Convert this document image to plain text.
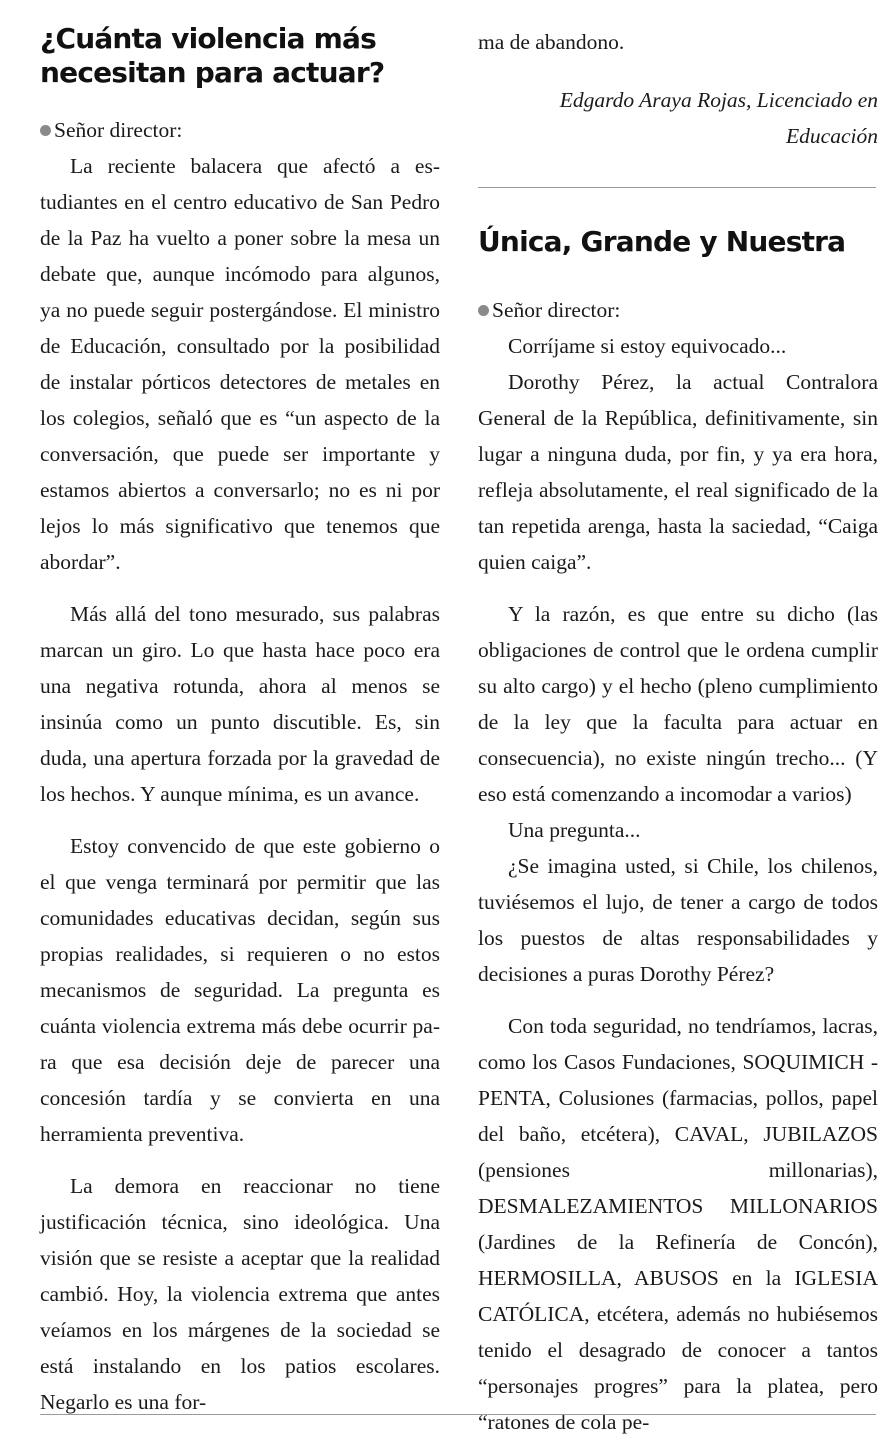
¿Cuánta violencia más necesitan para actuar?
Señor director:

La reciente balacera que afectó a estudiantes en el centro educativo de San Pedro de la Paz ha vuelto a poner sobre la mesa un debate que, aunque incómodo para algunos, ya no puede seguir postergándose. El ministro de Educación, consultado por la posibilidad de instalar pórticos detectores de metales en los colegios, señaló que es “un aspecto de la conversación, que puede ser importante y estamos abiertos a conversarlo; no es ni por lejos lo más significativo que tenemos que abordar”.

Más allá del tono mesurado, sus palabras marcan un giro. Lo que hasta hace poco era una negativa rotunda, ahora al menos se insinúa como un punto discutible. Es, sin duda, una apertura forzada por la gravedad de los hechos. Y aunque mínima, es un avance.

Estoy convencido de que este gobierno o el que venga terminará por permitir que las comunidades educativas decidan, según sus propias realidades, si requieren o no estos mecanismos de seguridad. La pregunta es cuánta violencia extrema más debe ocurrir para que esa decisión deje de parecer una concesión tardía y se convierta en una herramienta preventiva.

La demora en reaccionar no tiene justificación técnica, sino ideológica. Una visión que se resiste a aceptar que la realidad cambió. Hoy, la violencia extrema que antes veíamos en los márgenes de la sociedad se está instalando en los patios escolares. Negarlo es una for-

ma de abandono.
Edgardo Araya Rojas, Licenciado en Educación
Única, Grande y Nuestra
Señor director:

Corríjame si estoy equivocado...

Dorothy Pérez, la actual Contralora General de la República, definitivamente, sin lugar a ninguna duda, por fin, y ya era hora, refleja absolutamente, el real significado de la tan repetida arenga, hasta la saciedad, “Caiga quien caiga”.

Y la razón, es que entre su dicho (las obligaciones de control que le ordena cumplir su alto cargo) y el hecho (pleno cumplimiento de la ley que la faculta para actuar en consecuencia), no existe ningún trecho... (Y eso está comenzando a incomodar a varios)

Una pregunta...

¿Se imagina usted, si Chile, los chilenos, tuviésemos el lujo, de tener a cargo de todos los puestos de altas responsabilidades y decisiones a puras Dorothy Pérez?

Con toda seguridad, no tendríamos, lacras, como los Casos Fundaciones, SOQUIMICH - PENTA, Colusiones (farmacias, pollos, papel del baño, etcétera), CAVAL, JUBILAZOS (pensiones millonarias), DESMALEZAMIENTOS MILLONARIOS (Jardines de la Refinería de Concón), HERMOSILLA, ABUSOS en la IGLESIA CATÓLICA, etcétera, además no hubiésemos tenido el desagrado de conocer a tantos “personajes progres” para la platea, pero “ratones de cola pe-
